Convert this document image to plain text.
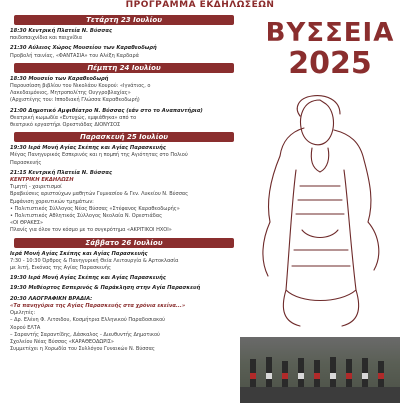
ΠΡΟΓΡΑΜΜΑ ΕΚΔΗΛΩΣΕΩΝ
ΒΥΣΣΕΙΑ
2025
Τετάρτη 23 Ιουλίου
18:30 Κεντρική Πλατεία Ν. Βύσσας
παιδοπαιχνίδια και παιχνίδια
21:30 Αύλειος Χώρος Μουσείου των Καραθεοδωρή
Προβολή ταινίας, «ΦΑΝΤΑΣΙΑ» του Αλέξη Καρδαρά
Πέμπτη 24 Ιουλίου
18:30 Μουσείο των Καραθεοδωρή
Παρουσίαση βιβλίου του Νικολάου Κουρού: «Ιγνάτιος, ο
Λακεδαιμόνιος, Μητροπολίτης Ουγγροβλαχίας»
(Αρχιστέγης του: Ιπποδιακή Γλώσσα Καραθεοδωρή)
21:00 Δημοτικό Αμφιθέατρο Ν. Βύσσας (εάν στο το Αναπαντήρια)
Θεατρική κωμωδία «Ευτυχώς, εμφιάθηκα» από το
θεατρικό εργαστήρι Ορεστιάδας ΔΙΟΝΥΣΟΣ
Παρασκευή 25 Ιουλίου
19:30 Ιερά Μονή Αγίας Σκέπης και Αγίας Παρασκευής
Μέγας Πανηγυρικός Εσπερινός και η πομπή της Αγιότητας στο Πολιού
Παρασκευής
21:15 Κεντρική Πλατεία Ν. Βύσσας
ΚΕΝΤΡΙΚΗ ΕΚΔΗΛΩΣΗ
Τιμητή - χαιρετισμοί
Βραβεύσεις αριστούχων μαθητών Γυμνασίου & Γεν. Λυκείου Ν. Βύσσας
Εμφάνιση χορευτικών τμημάτων:
• Πολιτιστικός Σύλλογος Νέας Βύσσας «Στέφανος Καραθεοδωρής»
• Πολιτιστικός Αθλητικός Σύλλογος Νεολαία Ν. Ορεστιάδας
«ΟΙ ΘΡΑΚΕΣ»
Πλανίς για όλον τον κόσμο με το συγκρότημα «ΑΚΡΙΤΙΚΟΙ ΗΧΟΙ»
Σάββατο 26 Ιουλίου
Ιερά Μονή Αγίας Σκέπης και Αγίας Παρασκευής
7:30 - 10:30 Όρθρος & Πανηγυρική Θεία Λειτουργία & Αρτοκλασία
με λιτή, Εικόνας της Αγίας Παρασκευής
19:30 Ιερά Μονή Αγίας Σκέπης και Αγίας Παρασκευής
19:30 Μεθέορτος Εσπερινός & Παράκληση στην Αγία Παρασκευή
20:30 ΛΑΟΓΡΑΦΙΚΗ ΒΡΑΔΙΑ:
«Τα πανηγύρια της Αγίας Παρασκευής στα χρόνια εκείνα...»
Ομιλητές:
– Δρ. Ελένη Φ. Λιτσιδου, Κοσμήτρια Ελληνικού Παραδοσιακού
Χορού ΕΛΤΑ
– Σαραντής Σαραντίδης, Δάσκαλος - Διευθυντής Δημοτικού
Σχολείου Νέας Βύσσας «ΚΑΡΑΘΕΟΔΩΡΙΣ»
Συμμετέχει η Χορωδία του Συλλόγου Γυναικών Ν. Βύσσας
